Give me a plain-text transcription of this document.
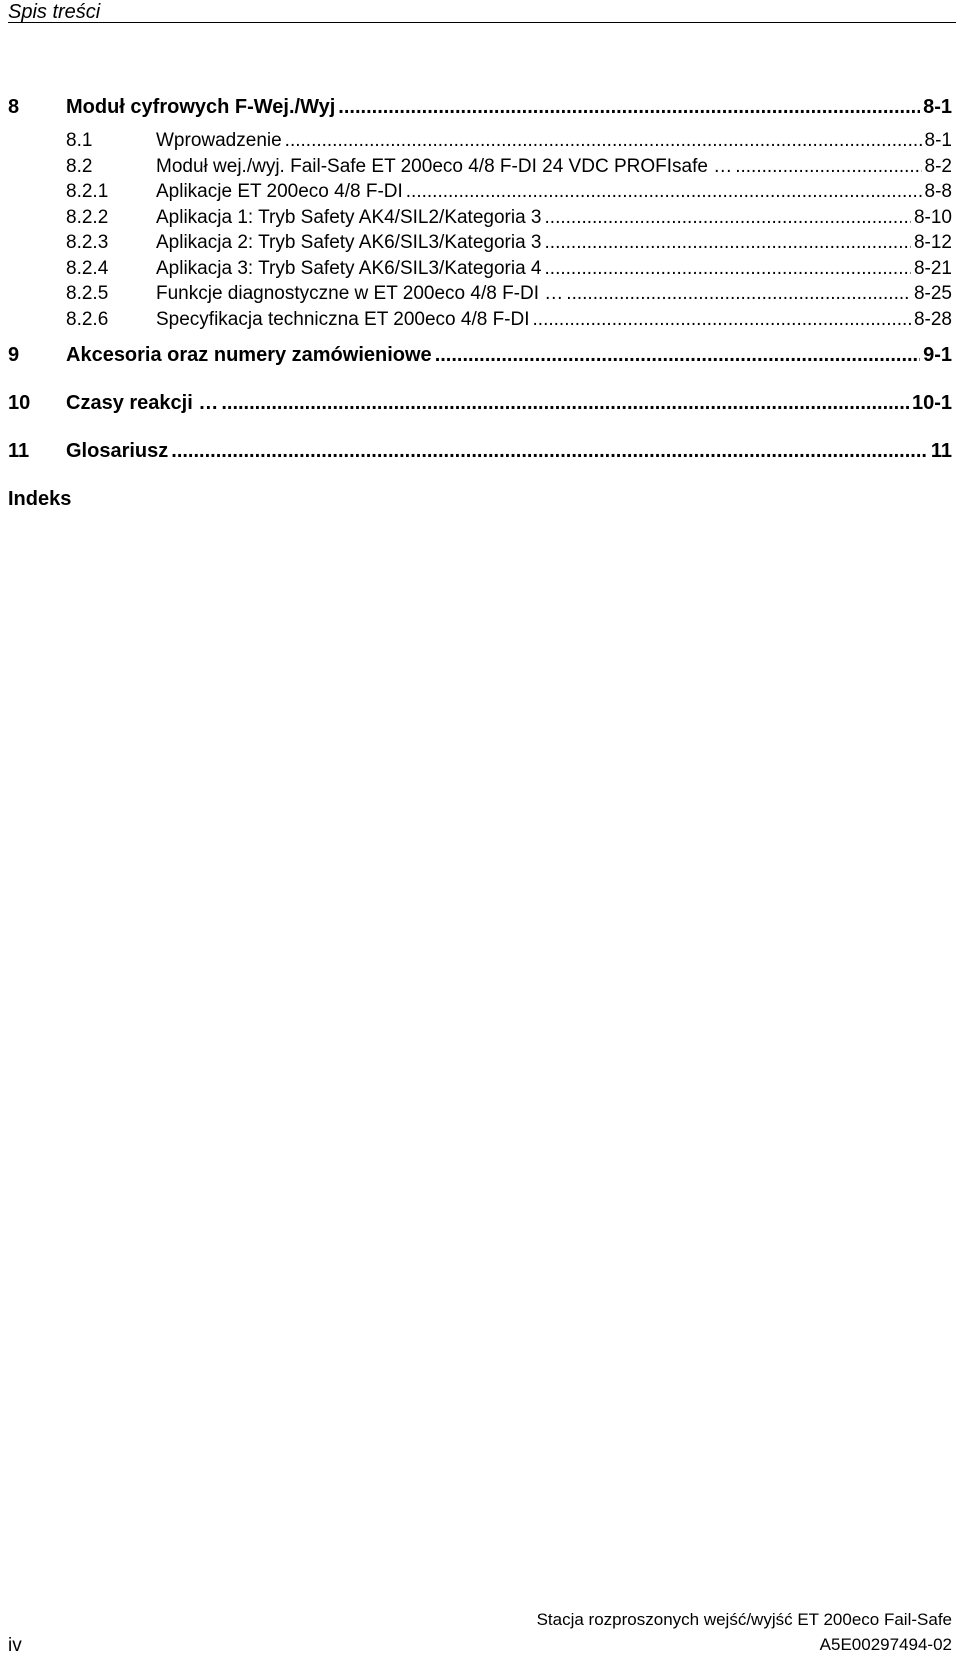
Spis treści
8	Moduł cyfrowych F-Wej./Wyj .....	8-1
8.1	Wprowadzenie .....	8-1
8.2	Moduł wej./wyj. Fail-Safe ET 200eco 4/8 F-DI 24 VDC PROFIsafe … .....	8-2
8.2.1	Aplikacje ET 200eco 4/8 F-DI .....	8-8
8.2.2	Aplikacja 1: Tryb Safety AK4/SIL2/Kategoria 3 .....	8-10
8.2.3	Aplikacja 2: Tryb Safety AK6/SIL3/Kategoria 3 .....	8-12
8.2.4	Aplikacja 3: Tryb Safety AK6/SIL3/Kategoria 4 .....	8-21
8.2.5	Funkcje diagnostyczne w ET 200eco 4/8 F-DI … .....	8-25
8.2.6	Specyfikacja techniczna ET 200eco 4/8 F-DI .....	8-28
9	Akcesoria oraz numery zamówieniowe .....	9-1
10	Czasy reakcji … .....	10-1
11	Glosariusz .....	11
Indeks
Stacja rozproszonych wejść/wyjść ET 200eco Fail-Safe
iv	A5E00297494-02
